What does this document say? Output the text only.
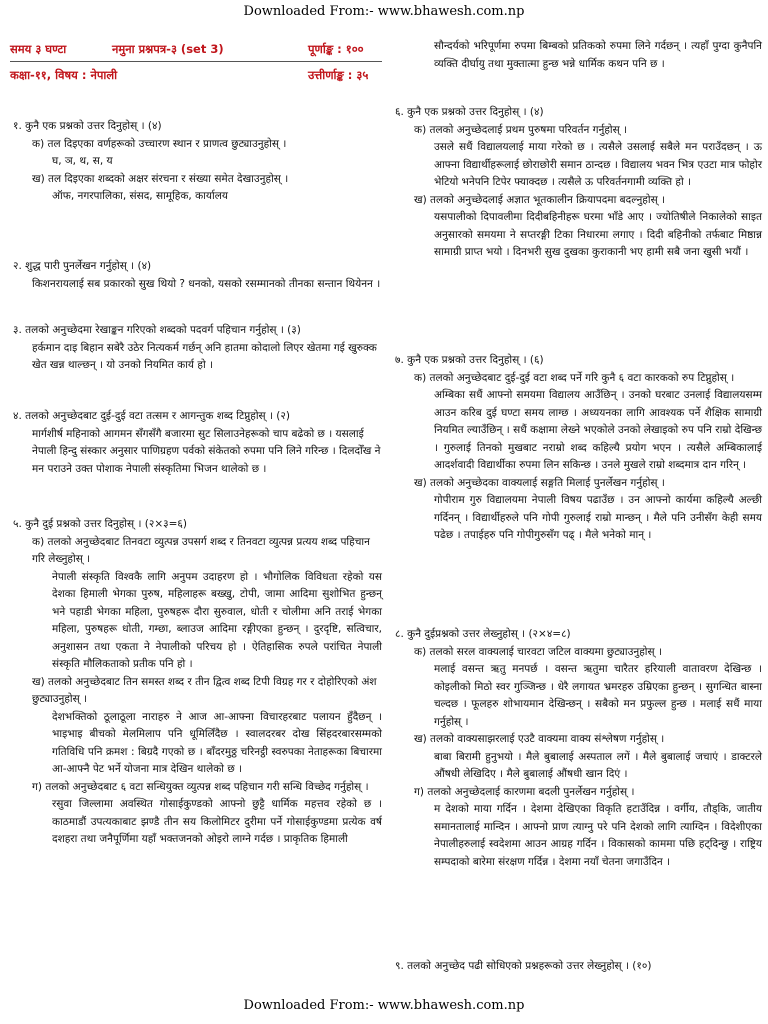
Downloaded From:- www.bhawesh.com.np
समय ३ घण्टा	नमुना प्रश्नपत्र-३ (set 3)	पूर्णाङ्क : १००
कक्षा-११, विषय : नेपाली	उत्तीर्णाङ्क : ३५

१. कुनै एक प्रश्नको उत्तर दिनुहोस् । (४)

क) तल दिइएका वर्णहरूको उच्चारण स्थान र प्राणत्व छुट्याउनुहोस् ।

घ, ञ, थ, स, य

ख) तल दिइएका शब्दको अक्षर संरचना र संख्या समेत देखाउनुहोस् ।

ऑफ, नगरपालिका, संसद, सामूहिक, कार्यालय

२. शुद्ध पारी पुनर्लेखन गर्नुहोस् । (४)

किशनरायलाई सब प्रकारको सुख थियो ? धनको, यसको रसम्मानको तीनका सन्तान थियेनन ।

३. तलको अनुच्छेदमा रेखाङ्कन गरिएको शब्दको पदवर्ग पहिचान गर्नुहोस् । (३)

हर्कमान दाइ बिहान सबेरै उठेर नित्यकर्म गर्छन् अनि हातमा कोदालो लिएर खेतमा गई खुरुक्क खेत खन्न थाल्छन् । यो उनको नियमित कार्य हो ।

४. तलको अनुच्छेदबाट दुई-दुई वटा तत्सम र आगन्तुक शब्द टिप्नुहोस् । (२)

मार्गशीर्ष महिनाको आगमन सँगसँगै बजारमा सुट सिलाउनेहरूको चाप बढेको छ । यसलाई नेपाली हिन्दु संस्कार अनुसार पाणिग्रहण पर्वको संकेतको रुपमा पनि लिने गरिन्छ । दिलदोँख ने मन पराउने उक्त पोशाक नेपाली संस्कृतिमा भिजन थालेको छ ।

५. कुनै दुई प्रश्नको उत्तर दिनुहोस् । (२×३=६)

क) तलको अनुच्छेदबाट तिनवटा व्युत्पन्न उपसर्ग शब्द र तिनवटा व्युत्पन्न प्रत्यय शब्द पहिचान गरि लेख्नुहोस् ।

नेपाली संस्कृति विश्वकै लागि अनुपम उदाहरण हो । भौगोलिक विविधता रहेको यस देशका हिमाली भेगका पुरुष, महिलाहरू बख्खु, टोपी, जामा आदिमा सुशोभित हुन्छन् भने पहाडी भेगका महिला, पुरुषहरू दौरा सुरुवाल, धोती र चोलीमा अनि तराई भेगका महिला, पुरुषहरू धोती, गम्छा, ब्लाउज आदिमा रङ्गीएका हुन्छन् । दुरदृष्टि, सत्विचार, अनुशासन तथा एकता ने नेपालीको परिचय हो । ऐतिहासिक रुपले परांचित नेपाली संस्कृति मौलिकताको प्रतीक पनि हो ।

ख) तलको अनुच्छेदबाट तिन समस्त शब्द र तीन द्वित्व शब्द टिपी विग्रह गर र दोहोरिएको अंश छुट्याउनुहोस् ।

देशभक्तिको ठूलाठूला नाराहरु ने आज आ-आफ्ना विचारहरबाट पलायन हुँदैछन् । भाइभाइ बीचको मेलमिलाप पनि धूमिलिँदैछ । स्वालदरबर दोख सिंहदरबारसम्मको गतिविधि पनि क्रमश : बिग्रदै गएको छ । बाँदरमुठ्ठ चरिनट्ठी स्वरुपका नेताहरूका बिचारमा आ-आफ्नै पेट भर्ने योजना मात्र देखिन थालेको छ ।

ग) तलको अनुच्छेदबाट ६ वटा सन्धियुक्त व्युत्पन्न शब्द पहिचान गरी सन्धि विच्छेद गर्नुहोस् ।

रसुवा जिल्लामा अवस्थित गोसाईकुण्डको आफ्नो छुट्टै धार्मिक महत्तव रहेको छ । काठमाडौं उपत्यकाबाट झण्डै तीन सय किलोमिटर दुरीमा पर्ने गोसाईकुण्डमा प्रत्येक वर्ष दशहरा तथा जनैपूर्णिमा यहाँ भक्तजनको ओइरो लाग्ने गर्दछ । प्राकृतिक हिमाली

सौन्दर्यको भरिपूर्णमा रुपमा बिम्बको प्रतिकको रुपमा लिने गर्दछन् । त्यहाँ पुग्दा कुनैपनि व्यक्ति दीर्घायु तथा मुक्तात्मा हुन्छ भन्ने धार्मिक कथन पनि छ ।

६. कुनै एक प्रश्नको उत्तर दिनुहोस् । (४)

क) तलको अनुच्छेदलाई प्रथम पुरुषमा परिवर्तन गर्नुहोस् ।

उसले सधैं विद्यालयलाई माया गरेको छ । त्यसैले उसलाई सबैले मन पराउँदछन् । ऊ आफ्ना विद्यार्थीहरूलाई छोराछोरी समान ठान्दछ । विद्यालय भवन भित्र एउटा मात्र फोहोर भेटियो भनेपनि टिपेर फ्याक्दछ । त्यसैले ऊ परिवर्तनगामी व्यक्ति हो ।

ख) तलको अनुच्छेदलाई अज्ञात भूतकालीन क्रियापदमा बदल्नुहोस् ।

यसपालीको दिपावलीमा दिदीबहिनीहरू घरमा भाँडे आए । ज्योतिषीले निकालेको साइत अनुसारको समयमा ने सप्तरङ्गी टिका निधारमा लगाए । दिदी बहिनीको तर्फबाट मिष्ठान्न सामाग्री प्राप्त भयो । दिनभरी सुख दुखका कुराकानी भए हामी सबै जना खुसी भयौं ।

७. कुनै एक प्रश्नको उत्तर दिनुहोस् । (६)

क) तलको अनुच्छेदबाट दुई-दुई वटा शब्द पर्ने गरि कुनै ६ वटा कारकको रुप टिप्नुहोस् ।

अम्बिका सधैं आफ्नो समयमा विद्यालय आउँछिन् । उनको घरबाट उनलाई विद्यालयसम्म आउन करिब दुई घण्टा समय लाग्छ । अध्ययनका लागि आवश्यक पर्ने शैक्षिक सामाग्री नियमित ल्याउँछिन् । सधैं कक्षामा लेख्ने भएकोले उनको लेखाइको रुप पनि राम्रो देखिन्छ । गुरुलाई तिनको मुखबाट नराम्रो शब्द कहिल्यै प्रयोग भएन । त्यसैले अम्बिकालाई आदर्शवादी विद्यार्थीका रुपमा लिन सकिन्छ । उनले मुखले राम्रो शब्दमात्र दान गरिन् ।

ख) तलको अनुच्छेदका वाक्यलाई सङ्गति मिलाई पुनर्लेखन गर्नुहोस् ।

गोपीराम गुरु विद्यालयमा नेपाली विषय पढाउँछ । उन आफ्नो कार्यमा कहिल्यै अल्छी गर्दिनन् । विद्यार्थीहरुले पनि गोपी गुरुलाई राम्रो मान्छन् । मैले पनि उनीसँग केही समय पढेछ । तपाईहरु पनि गोपीगुरुसँग पढ् । मैले भनेको मान् ।

८. कुनै दुईप्रश्नको उत्तर लेख्नुहोस् । (२×४=८)

क) तलको सरल वाक्यलाई चारवटा जटिल वाक्यमा छुट्याउनुहोस् ।

मलाई वसन्त ऋतु मनपर्छ । वसन्त ऋतुमा चारैतर हरियाली वातावरण देखिन्छ । कोइलीको मिठो स्वर गुञ्जिन्छ । धेरै लगायत भ्रमरहरु उम्रिएका हुन्छन् । सुगन्धित बास्ना चल्दछ । फूलहरु शोभायमान देखिन्छन् । सबैको मन प्रफुल्ल हुन्छ । मलाई सधैं माया गर्नुहोस् ।

ख) तलको वाक्यसाझरलाई एउटै वाक्यमा वाक्य संश्लेषण गर्नुहोस् ।

बाबा बिरामी हुनुभयो । मैले बुबालाई अस्पताल लगें । मैले बुबालाई जचाएं । डाक्टरले औंषधी लेखिदिए । मैले बुबालाई औंषधी खान दिएं ।

ग) तलको अनुच्छेदलाई कारणमा बदली पुनर्लेखन गर्नुहोस् ।

म देशको माया गर्दिन । देशमा देखिएका विकृति हटाउँदिन्न । वर्गीय, तौड्कि, जातीय समानतालाई मान्दिन । आफ्नो प्राण त्याग्नु परे पनि देशको लागि त्याग्दिन । विदेशीएका नेपालीहरुलाई स्वदेशमा आउन आग्रह गर्दिन । विकासको काममा पछि हट्दिन्छु । राष्ट्रिय सम्पदाको बारेमा संरक्षण गर्दिन्न । देशमा नयाँ चेतना जगाउँदिन ।

९. तलको अनुच्छेद पढी सोधिएको प्रश्नहरूको उत्तर लेख्नुहोस् । (१०)

Downloaded From:- www.bhawesh.com.np
